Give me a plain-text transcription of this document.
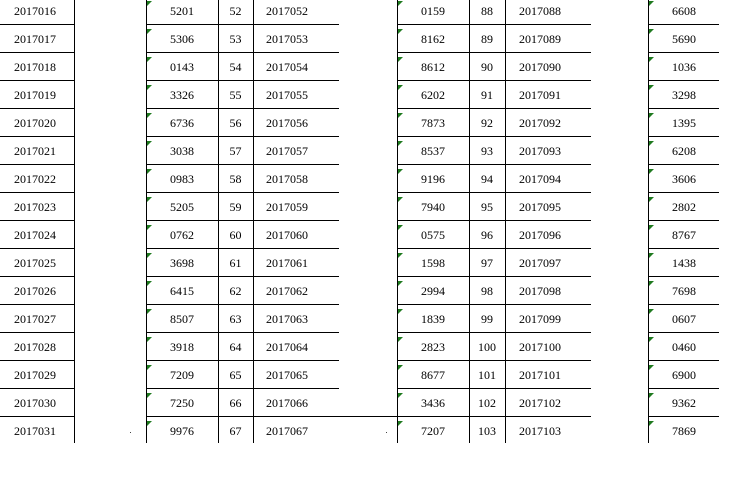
2017016	5201	52	2017052	0159	88	2017088	6608
2017017	5306	53	2017053	8162	89	2017089	5690
2017018	0143	54	2017054	8612	90	2017090	1036
2017019	3326	55	2017055	6202	91	2017091	3298
2017020	6736	56	2017056	7873	92	2017092	1395
2017021	3038	57	2017057	8537	93	2017093	6208
2017022	0983	58	2017058	9196	94	2017094	3606
2017023	5205	59	2017059	7940	95	2017095	2802
2017024	0762	60	2017060	0575	96	2017096	8767
2017025	3698	61	2017061	1598	97	2017097	1438
2017026	6415	62	2017062	2994	98	2017098	7698
2017027	8507	63	2017063	1839	99	2017099	0607
2017028	3918	64	2017064	2823	100	2017100	0460
2017029	7209	65	2017065	8677	101	2017101	6900
2017030	7250	66	2017066	3436	102	2017102	9362
2017031	9976	67	2017067	7207	103	2017103	7869
